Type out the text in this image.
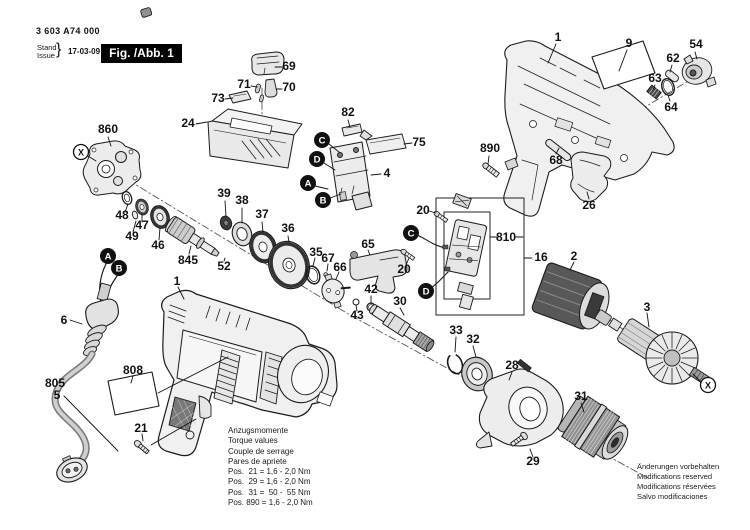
1	9	54
62
63
64
890
68
26
24
73
71
69
70
82
75
4
860
48
47
49
46
845 52
39 38
37
36
35
67
66
65
42
43
30
20
20
810
16 2
3
33
32
28
29
31
1
6
805
5
808
21
C
D
A
B
A
B
C
D
X
X
3 603 A74 000
Stand
Issue } 17-03-09 Fig. /Abb. 1
Anzugsmomente
Torque values
Couple de serrage
Pares de apriete
Pos.  21 = 1,6 - 2,0 Nm
Pos.  29 = 1,6 - 2,0 Nm
Pos.  31 =  50 -  55 Nm
Pos. 890 = 1,6 - 2,0 Nm
Änderungen vorbehalten
Modifications reserved
Modifications réservées
Salvo modificaciones
